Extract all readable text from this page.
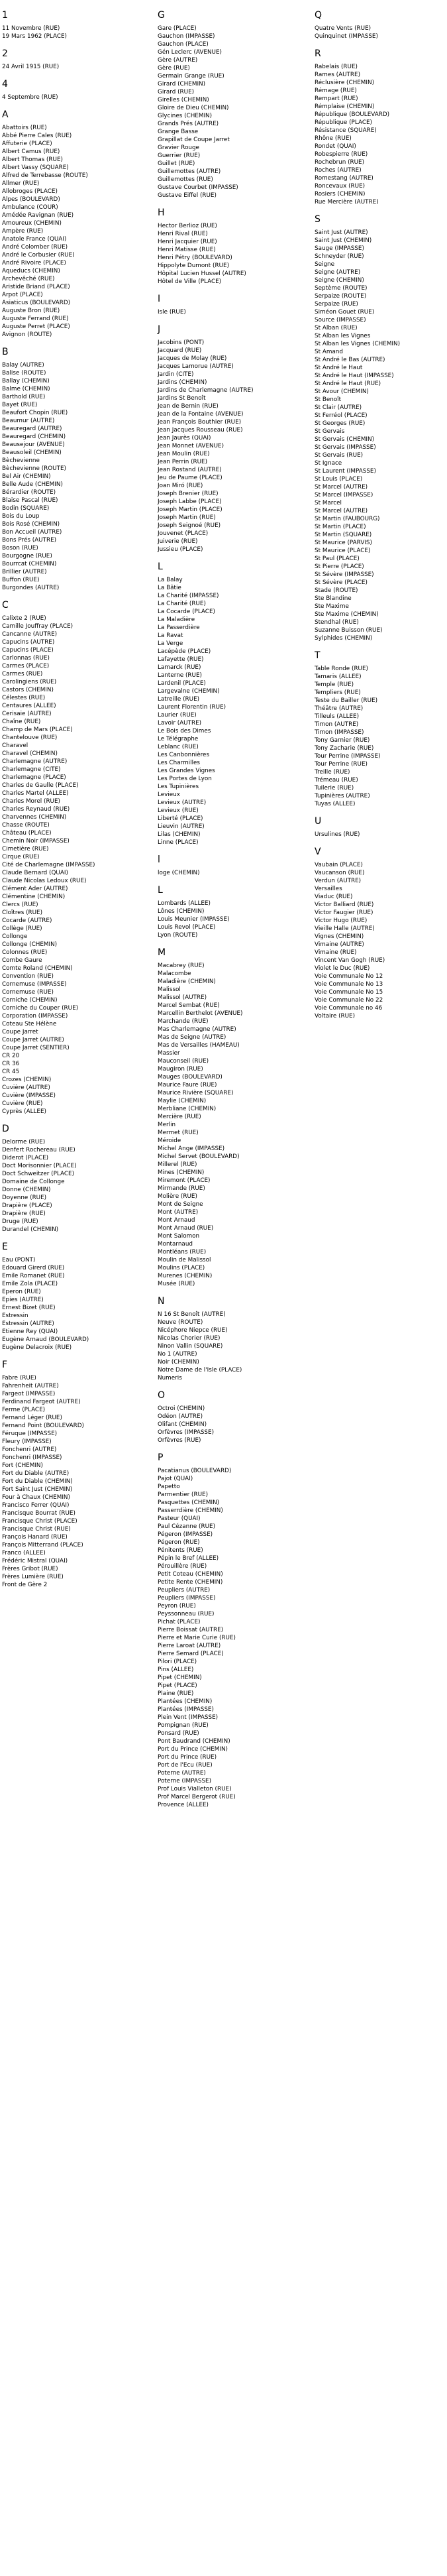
1
11 Novembre (RUE)
19 Mars 1962 (PLACE)
2
24 Avril 1915 (RUE)
4
4 Septembre (RUE)
A
Abattoirs (RUE)
Abbé Pierre Cales (RUE)
Affuterie (PLACE)
Albert Camus (RUE)
Albert Thomas (RUE)
Albert Vassy (SQUARE)
Alfred de Terrebasse (ROUTE)
Allmer (RUE)
Allobroges (PLACE)
Alpes (BOULEVARD)
Ambulance (COUR)
Amédée Ravignan (RUE)
Amoureux (CHEMIN)
Ampère (RUE)
Anatole France (QUAI)
André Colomber (RUE)
André le Corbusier (RUE)
André Rivoire (PLACE)
Aqueducs (CHEMIN)
Archevêché (RUE)
Aristide Briand (PLACE)
Arpot (PLACE)
Asiaticus (BOULEVARD)
Auguste Bron (RUE)
Auguste Ferrand (RUE)
Auguste Perret (PLACE)
Avignon (ROUTE)
B
Balay (AUTRE)
Balise (ROUTE)
Ballay (CHEMIN)
Balme (CHEMIN)
Barthold (RUE)
Bayet (RUE)
Beaufort Chopin (RUE)
Beaumur (AUTRE)
Beauregard (AUTRE)
Beauregard (CHEMIN)
Beausejour (AVENUE)
Beausoleil (CHEMIN)
Bèchevienne
Bèchevienne (ROUTE)
Bel Air (CHEMIN)
Belle Aude (CHEMIN)
Bérardier (ROUTE)
Blaise Pascal (RUE)
Bodin (SQUARE)
Bois du Loup
Bois Rosé (CHEMIN)
Bon Accueil (AUTRE)
Bons Prés (AUTRE)
Boson (RUE)
Bourgogne (RUE)
Bourrcat (CHEMIN)
Brillier (AUTRE)
Buffon (RUE)
Burgondes (AUTRE)
C
Calixte 2 (RUE)
Camille Jouffray (PLACE)
Cancanne (AUTRE)
Capucins (AUTRE)
Capucins (PLACE)
Carlonnas (RUE)
Carmes (PLACE)
Carmes (RUE)
Carolingiens (RUE)
Castors (CHEMIN)
Célestes (RUE)
Centaures (ALLEE)
Cerisaie (AUTRE)
Chaîne (RUE)
Champ de Mars (PLACE)
Chantelouve (RUE)
Charavel
Charavel (CHEMIN)
Charlemagne (AUTRE)
Charlemagne (CITE)
Charlemagne (PLACE)
Charles de Gaulle (PLACE)
Charles Martel (ALLEE)
Charles Morel (RUE)
Charles Reynaud (RUE)
Charvennes (CHEMIN)
Chasse (ROUTE)
Château (PLACE)
Chemin Noir (IMPASSE)
Cimetière (RUE)
Cirque (RUE)
Cité de Charlemagne (IMPASSE)
Claude Bernard (QUAI)
Claude Nicolas Ledoux (RUE)
Clément Ader (AUTRE)
Clémentine (CHEMIN)
Clercs (RUE)
Cloîtres (RUE)
Cocarde (AUTRE)
Collège (RUE)
Collonge
Collonge (CHEMIN)
Colonnes (RUE)
Combe Gaure
Comte Roland (CHEMIN)
Convention (RUE)
Cornemuse (IMPASSE)
Cornemuse (RUE)
Corniche (CHEMIN)
Corniche du Couper (RUE)
Corporation (IMPASSE)
Coteau Ste Hélène
Coupe Jarret
Coupe Jarret (AUTRE)
Coupe Jarret (SENTIER)
CR 20
CR 36
CR 45
Crozes (CHEMIN)
Cuvière (AUTRE)
Cuvière (IMPASSE)
Cuvière (RUE)
Cyprès (ALLEE)
D
Delorme (RUE)
Denfert Rochereau (RUE)
Diderot (PLACE)
Doct Morisonnier (PLACE)
Doct Schweitzer (PLACE)
Domaine de Collonge
Donne (CHEMIN)
Doyenne (RUE)
Drapière (PLACE)
Drapière (RUE)
Druge (RUE)
Durandel (CHEMIN)
E
Eau (PONT)
Edouard Girerd (RUE)
Emile Romanet (RUE)
Emile Zola (PLACE)
Eperon (RUE)
Epies (AUTRE)
Ernest Bizet (RUE)
Estressin
Estressin (AUTRE)
Etienne Rey (QUAI)
Eugène Arnaud (BOULEVARD)
Eugène Delacroix (RUE)
F
Fabre (RUE)
Fahrenheit (AUTRE)
Fargeot (IMPASSE)
Ferdinand Fargeot (AUTRE)
Ferme (PLACE)
Fernand Léger (RUE)
Fernand Point (BOULEVARD)
Féruque (IMPASSE)
Fleury (IMPASSE)
Fonchenri (AUTRE)
Fonchenri (IMPASSE)
Fort (CHEMIN)
Fort du Diable (AUTRE)
Fort du Diable (CHEMIN)
Fort Saint Just (CHEMIN)
Four à Chaux (CHEMIN)
Francisco Ferrer (QUAI)
Francisque Bourrat (RUE)
Francisque Christ (PLACE)
Francisque Christ (RUE)
François Hanard (RUE)
François Mitterrand (PLACE)
Franco (ALLEE)
Frédéric Mistral (QUAI)
Frères Gribot (RUE)
Frères Lumière (RUE)
Front de Gère 2
G
Gare (PLACE)
Gauchon (IMPASSE)
Gauchon (PLACE)
Gén Leclerc (AVENUE)
Gère (AUTRE)
Gère (RUE)
Germain Grange (RUE)
Girard (CHEMIN)
Girard (RUE)
Girelles (CHEMIN)
Gloire de Dieu (CHEMIN)
Glycines (CHEMIN)
Grands Prés (AUTRE)
Grange Basse
Grapillat de Coupe Jarret
Gravier Rouge
Guerrier (RUE)
Guillet (RUE)
Guillemottes (AUTRE)
Guillemottes (RUE)
Gustave Courbet (IMPASSE)
Gustave Eiffel (RUE)
H
Hector Berlioz (RUE)
Henri Rival (RUE)
Henri Jacquier (RUE)
Henri Matisse (RUE)
Henri Pétry (BOULEVARD)
Hippolyte Dumont (RUE)
Hôpital Lucien Hussel (AUTRE)
Hôtel de Ville (PLACE)
I
Isle (RUE)
J
Jacobins (PONT)
Jacquard (RUE)
Jacques de Molay (RUE)
Jacques Lamorue (AUTRE)
Jardin (CITE)
Jardins (CHEMIN)
Jardins de Charlemagne (AUTRE)
Jardins St Benoît
Jean de Bernin (RUE)
Jean de la Fontaine (AVENUE)
Jean François Bouthier (RUE)
Jean Jacques Rousseau (RUE)
Jean Jaurès (QUAI)
Jean Monnet (AVENUE)
Jean Moulin (RUE)
Jean Perrin (RUE)
Jean Rostand (AUTRE)
Jeu de Paume (PLACE)
Joan Miró (RUE)
Joseph Brenier (RUE)
Joseph Labbe (PLACE)
Joseph Martin (PLACE)
Joseph Martin (RUE)
Joseph Seignoé (RUE)
Jouvenet (PLACE)
Juiverie (RUE)
Jussieu (PLACE)
L
La Balay
La Bâtie
La Charité (IMPASSE)
La Charité (RUE)
La Cocarde (PLACE)
La Maladière
La Passerdière
La Ravat
La Verge
Lacépède (PLACE)
Lafayette (RUE)
Lamarck (RUE)
Lanterne (RUE)
Lardenil (PLACE)
Largevalne (CHEMIN)
Latreille (RUE)
Laurent Florentin (RUE)
Laurier (RUE)
Lavoir (AUTRE)
Le Bois des Dimes
Le Télégraphe
Leblanc (RUE)
Les Canbonnières
Les Charmilles
Les Grandes Vignes
Les Portes de Lyon
Les Tupinières
Levieux
Levieux (AUTRE)
Levieux (RUE)
Liberté (PLACE)
Lieuvin (AUTRE)
Lilas (CHEMIN)
Linne (PLACE)
l
loge (CHEMIN)
L
Lombards (ALLEE)
Lônes (CHEMIN)
Louis Meunier (IMPASSE)
Louis Revol (PLACE)
Lyon (ROUTE)
M
Macabrey (RUE)
Malacombe
Maladière (CHEMIN)
Malissol
Malissol (AUTRE)
Marcel Sembat (RUE)
Marcellin Berthelot (AVENUE)
Marchande (RUE)
Mas Charlemagne (AUTRE)
Mas de Seigne (AUTRE)
Mas de Versailles (HAMEAU)
Massier
Mauconseil (RUE)
Maugiron (RUE)
Mauges (BOULEVARD)
Maurice Faure (RUE)
Maurice Rivière (SQUARE)
Maylie (CHEMIN)
Merbliane (CHEMIN)
Mercière (RUE)
Merlin
Mermet (RUE)
Méroide
Michel Ange (IMPASSE)
Michel Servet (BOULEVARD)
Millerel (RUE)
Mines (CHEMIN)
Miremont (PLACE)
Mirmande (RUE)
Molière (RUE)
Mont de Seigne
Mont (AUTRE)
Mont Arnaud
Mont Arnaud (RUE)
Mont Salomon
Montarnaud
Montléans (RUE)
Moulin de Malissol
Moulins (PLACE)
Murenes (CHEMIN)
Musée (RUE)
N
N 16 St Benoît (AUTRE)
Neuve (ROUTE)
Nicéphore Niepce (RUE)
Nicolas Chorier (RUE)
Ninon Vallin (SQUARE)
No 1 (AUTRE)
Noir (CHEMIN)
Notre Dame de l'Isle (PLACE)
Numeris
O
Octroi (CHEMIN)
Odéon (AUTRE)
Olifant (CHEMIN)
Orfèvres (IMPASSE)
Orfèvres (RUE)
P
Pacatianus (BOULEVARD)
Pajot (QUAI)
Papetto
Parmentier (RUE)
Pasquettes (CHEMIN)
Passerrdière (CHEMIN)
Pasteur (QUAI)
Paul Cézanne (RUE)
Pégeron (IMPASSE)
Pégeron (RUE)
Pénitents (RUE)
Pépin le Bref (ALLEE)
Pérouillère (RUE)
Petit Coteau (CHEMIN)
Petite Rente (CHEMIN)
Peupliers (AUTRE)
Peupliers (IMPASSE)
Peyron (RUE)
Peyssonneau (RUE)
Pichat (PLACE)
Pierre Boissat (AUTRE)
Pierre et Marie Curie (RUE)
Pierre Laroat (AUTRE)
Pierre Semard (PLACE)
Pilori (PLACE)
Pins (ALLEE)
Pipet (CHEMIN)
Pipet (PLACE)
Plaine (RUE)
Plantées (CHEMIN)
Plantées (IMPASSE)
Plein Vent (IMPASSE)
Pompignan (RUE)
Ponsard (RUE)
Pont Baudrand (CHEMIN)
Port du Prince (CHEMIN)
Port du Prince (RUE)
Port de l'Ecu (RUE)
Poterne (AUTRE)
Poterne (IMPASSE)
Prof Louis Vialleton (RUE)
Prof Marcel Bergerot (RUE)
Provence (ALLEE)
Q
Quatre Vents (RUE)
Quinquinet (IMPASSE)
R
Rabelais (RUE)
Rames (AUTRE)
Réclusière (CHEMIN)
Rémage (RUE)
Rempart (RUE)
Rémplaise (CHEMIN)
République (BOULEVARD)
République (PLACE)
Résistance (SQUARE)
Rhône (RUE)
Rondet (QUAI)
Robespierre (RUE)
Rochebrun (RUE)
Roches (AUTRE)
Romestang (AUTRE)
Roncevaux (RUE)
Rosiers (CHEMIN)
Rue Mercière (AUTRE)
S
Saint Just (AUTRE)
Saint Just (CHEMIN)
Sauge (IMPASSE)
Schneyder (RUE)
Seigne
Seigne (AUTRE)
Seigne (CHEMIN)
Septème (ROUTE)
Serpaize (ROUTE)
Serpaize (RUE)
Siméon Gouet (RUE)
Source (IMPASSE)
St Alban (RUE)
St Alban les Vignes
St Alban les Vignes (CHEMIN)
St Amand
St André le Bas (AUTRE)
St André le Haut
St André le Haut (IMPASSE)
St André le Haut (RUE)
St Avour (CHEMIN)
St Benoît
St Clair (AUTRE)
St Ferréol (PLACE)
St Georges (RUE)
St Gervais
St Gervais (CHEMIN)
St Gervais (IMPASSE)
St Gervais (RUE)
St Ignace
St Laurent (IMPASSE)
St Louis (PLACE)
St Marcel (AUTRE)
St Marcel (IMPASSE)
St Marcel
St Marcel (AUTRE)
St Martin (FAUBOURG)
St Martin (PLACE)
St Martin (SQUARE)
St Maurice (PARVIS)
St Maurice (PLACE)
St Paul (PLACE)
St Pierre (PLACE)
St Sévère (IMPASSE)
St Sévère (PLACE)
Stade (ROUTE)
Ste Blandine
Ste Maxime
Ste Maxime (CHEMIN)
Stendhal (RUE)
Suzanne Buisson (RUE)
Sylphides (CHEMIN)
T
Table Ronde (RUE)
Tamaris (ALLEE)
Temple (RUE)
Templiers (RUE)
Teste du Bailler (RUE)
Théâtre (AUTRE)
Tilleuls (ALLEE)
Timon (AUTRE)
Timon (IMPASSE)
Tony Garnier (RUE)
Tony Zacharie (RUE)
Tour Perrine (IMPASSE)
Tour Perrine (RUE)
Treille (RUE)
Trémeau (RUE)
Tuilerie (RUE)
Tupinières (AUTRE)
Tuyas (ALLEE)
U
Ursulines (RUE)
V
Vaubain (PLACE)
Vaucanson (RUE)
Verdun (AUTRE)
Versailles
Viaduc (RUE)
Victor Balliard (RUE)
Victor Faugier (RUE)
Victor Hugo (RUE)
Vieille Halle (AUTRE)
Vignes (CHEMIN)
Vimaine (AUTRE)
Vimaine (RUE)
Vincent Van Gogh (RUE)
Violet le Duc (RUE)
Voie Communale No 12
Voie Communale No 13
Voie Communale No 15
Voie Communale No 22
Voie Communale no 46
Voltaire (RUE)
